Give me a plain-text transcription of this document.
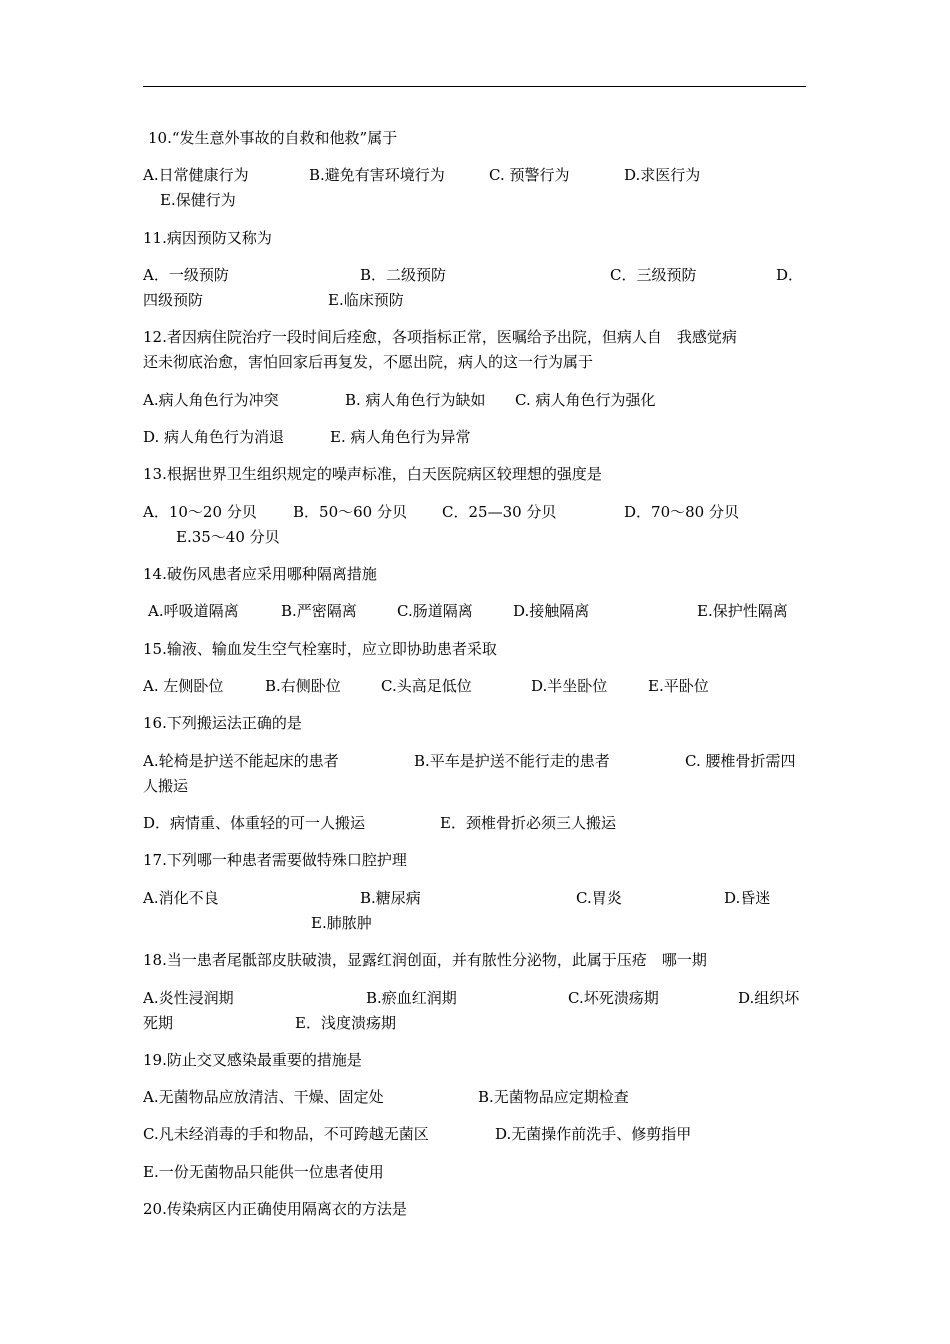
10.“发生意外事故的自救和他救”属于
A.日常健康行为	B.避免有害环境行为	C. 预警行为	D.求医行为
E.保健行为
11.病因预防又称为
A．一级预防	B．二级预防	C．三级预防	D．
四级预防	E.临床预防
12.者因病住院治疗一段时间后痊愈，各项指标正常，医嘱给予出院，但病人自　我感觉病
还未彻底治愈，害怕回家后再复发，不愿出院，病人的这一行为属于
A.病人角色行为冲突	B. 病人角色行为缺如 C. 病人角色行为强化
D. 病人角色行为消退	E. 病人角色行为异常
13.根据世界卫生组织规定的噪声标准，白天医院病区较理想的强度是
A．10～20 分贝 B．50～60 分贝 C．25—30 分贝	D．70～80 分贝
E.35～40 分贝
14.破伤风患者应采用哪种隔离措施
A.呼吸道隔离	B.严密隔离	C.肠道隔离	D.接触隔离	E.保护性隔离
15.输液、输血发生空气栓塞时，应立即协助患者采取
A. 左侧卧位	B.右侧卧位	C.头高足低位	D.半坐卧位	E.平卧位
16.下列搬运法正确的是
A.轮椅是护送不能起床的患者	B.平车是护送不能行走的患者	C. 腰椎骨折需四
人搬运
D．病情重、体重轻的可一人搬运	E．颈椎骨折必须三人搬运
17.下列哪一种患者需要做特殊口腔护理
A.消化不良	B.糖尿病	C.胃炎	D.昏迷
E.肺脓肿
18.当一患者尾骶部皮肤破溃，显露红润创面，并有脓性分泌物，此属于压疮　哪一期
A.炎性浸润期	B.瘀血红润期	C.坏死溃疡期	D.组织坏
死期	E．浅度溃疡期
19.防止交叉感染最重要的措施是
A.无菌物品应放清洁、干燥、固定处	B.无菌物品应定期检查
C.凡未经消毒的手和物品，不可跨越无菌区	D.无菌操作前洗手、修剪指甲
E.一份无菌物品只能供一位患者使用
20.传染病区内正确使用隔离衣的方法是
